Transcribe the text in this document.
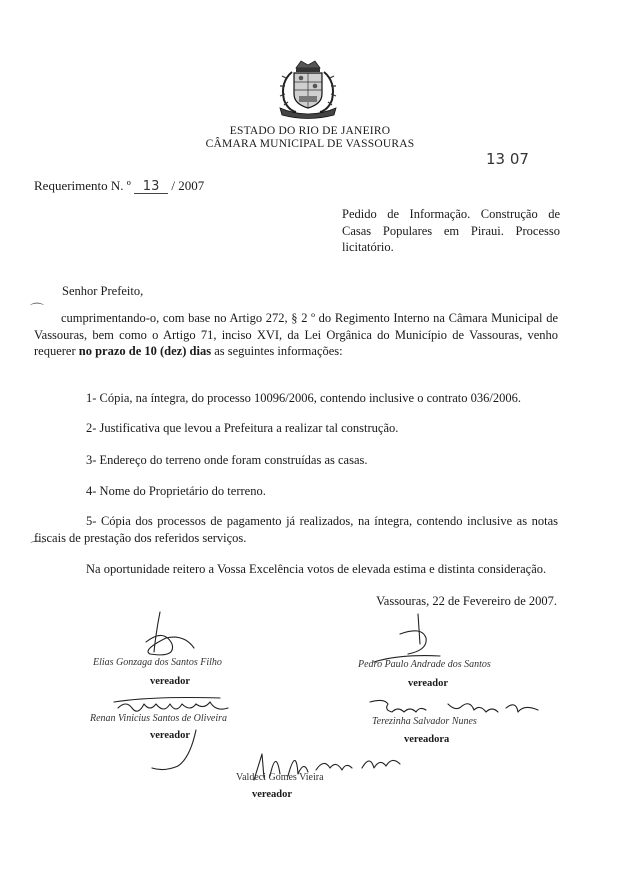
ESTADO DO RIO DE JANEIRO
CÂMARA MUNICIPAL DE VASSOURAS
13 07
Requerimento N. º 13 / 2007
Pedido de Informação. Construção de Casas Populares em Piraui. Processo licitatório.
Senhor Prefeito,
cumprimentando-o, com base no Artigo 272, § 2 º do Regimento Interno na Câmara Municipal de Vassouras, bem como o Artigo 71, inciso XVI, da Lei Orgânica do Município de Vassouras, venho requerer no prazo de 10 (dez) dias as seguintes informações:
1- Cópia, na íntegra, do processo 10096/2006, contendo inclusive o contrato 036/2006.
2- Justificativa que levou a Prefeitura a realizar tal construção.
3- Endereço do terreno onde foram construídas as casas.
4- Nome do Proprietário do terreno.
5- Cópia dos processos de pagamento já realizados, na íntegra, contendo inclusive as notas fiscais de prestação dos referidos serviços.
Na oportunidade reitero a Vossa Excelência votos de elevada estima e distinta consideração.
Vassouras, 22 de Fevereiro de 2007.
⌒
⌒
Elias Gonzaga dos Santos Filho
vereador
Pedro Paulo Andrade dos Santos
vereador
Renan Vinicius Santos de Oliveira
vereador
Terezinha Salvador Nunes
vereadora
Valdeci Gomes Vieira
vereador
